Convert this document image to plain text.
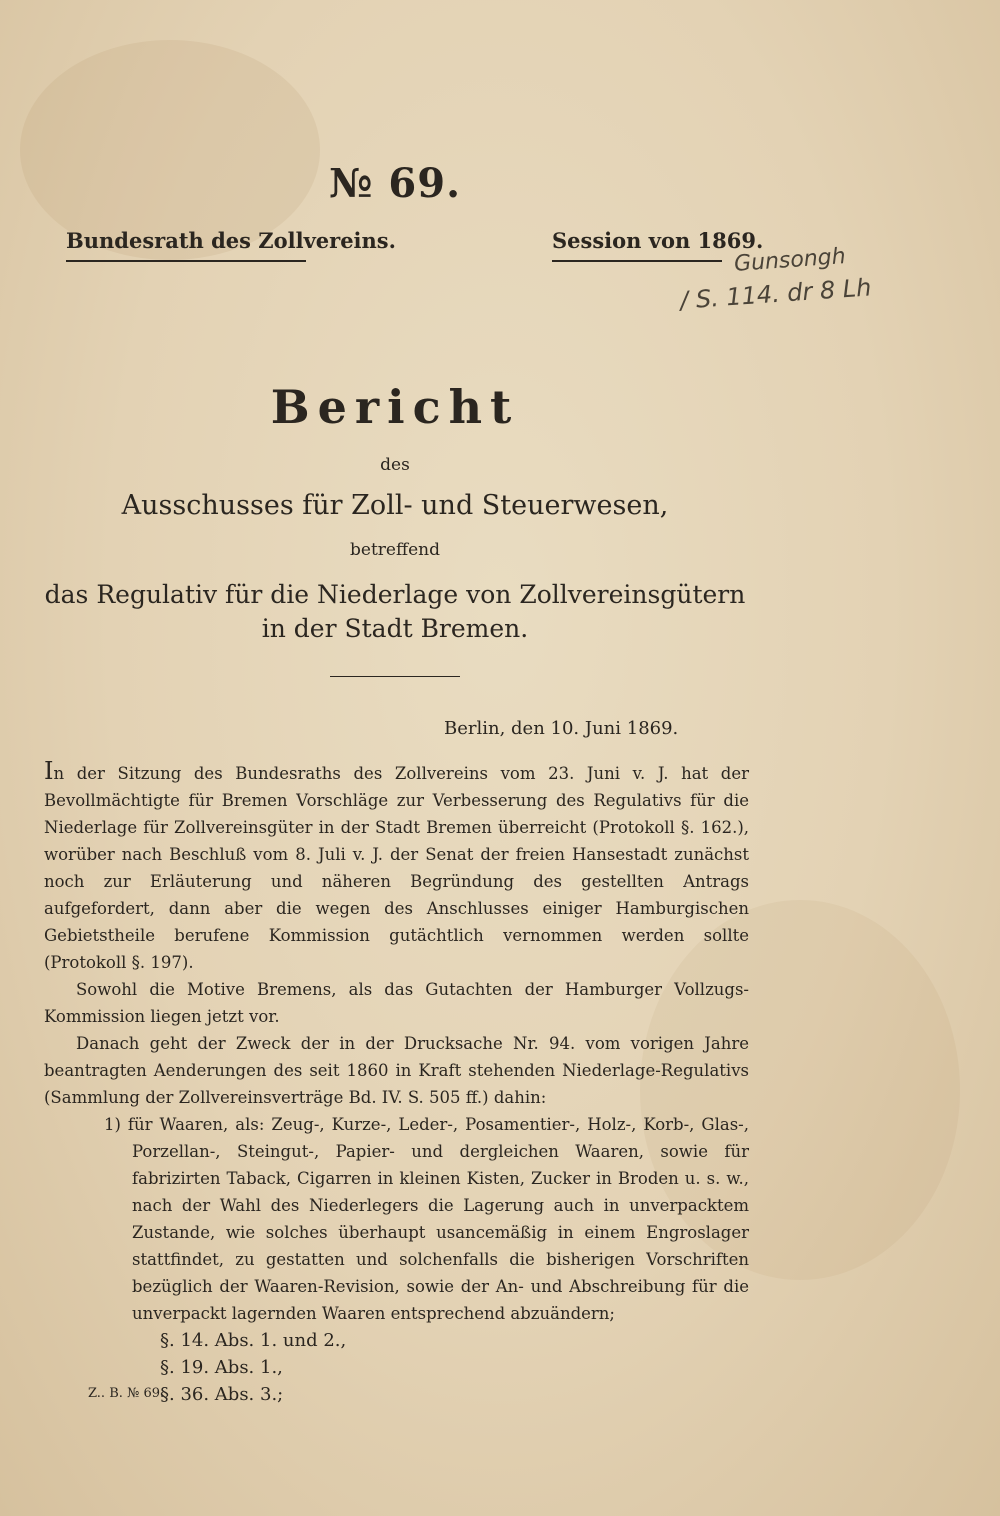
№ 69.
Bundesrath des Zollvereins.	Session von 1869.
Gunsongh
/ S. 114. dr 8 Lh
Bericht
des
Ausschusses für Zoll- und Steuerwesen,
betreffend
das Regulativ für die Niederlage von Zollvereinsgütern
in der Stadt Bremen.
Berlin, den 10. Juni 1869.

In der Sitzung des Bundesraths des Zollvereins vom 23. Juni v. J. hat der Bevollmächtigte für Bremen Vorschläge zur Verbesserung des Regulativs für die Niederlage für Zollvereinsgüter in der Stadt Bremen überreicht (Protokoll §. 162.), worüber nach Beschluß vom 8. Juli v. J. der Senat der freien Hansestadt zunächst noch zur Erläuterung und näheren Begründung des gestellten Antrags aufgefordert, dann aber die wegen des Anschlusses einiger Hamburgischen Gebietstheile berufene Kommission gutächtlich vernommen werden sollte (Protokoll §. 197).

Sowohl die Motive Bremens, als das Gutachten der Hamburger Vollzugs-Kommission liegen jetzt vor.

Danach geht der Zweck der in der Drucksache Nr. 94. vom vorigen Jahre beantragten Aenderungen des seit 1860 in Kraft stehenden Niederlage-Regulativs (Sammlung der Zollvereinsverträge Bd. IV. S. 505 ff.) dahin:

1) für Waaren, als: Zeug-, Kurze-, Leder-, Posamentier-, Holz-, Korb-, Glas-, Porzellan-, Steingut-, Papier- und dergleichen Waaren, sowie für fabrizirten Taback, Cigarren in kleinen Kisten, Zucker in Broden u. s. w., nach der Wahl des Niederlegers die Lagerung auch in unverpacktem Zustande, wie solches überhaupt usancemäßig in einem Engroslager stattfindet, zu gestatten und solchenfalls die bisherigen Vorschriften bezüglich der Waaren-Revision, sowie der An- und Abschreibung für die unverpackt lagernden Waaren entsprechend abzuändern;

§. 14. Abs. 1. und 2.,

§. 19. Abs. 1.,

§. 36. Abs. 3.;

Z.. B. № 69.
